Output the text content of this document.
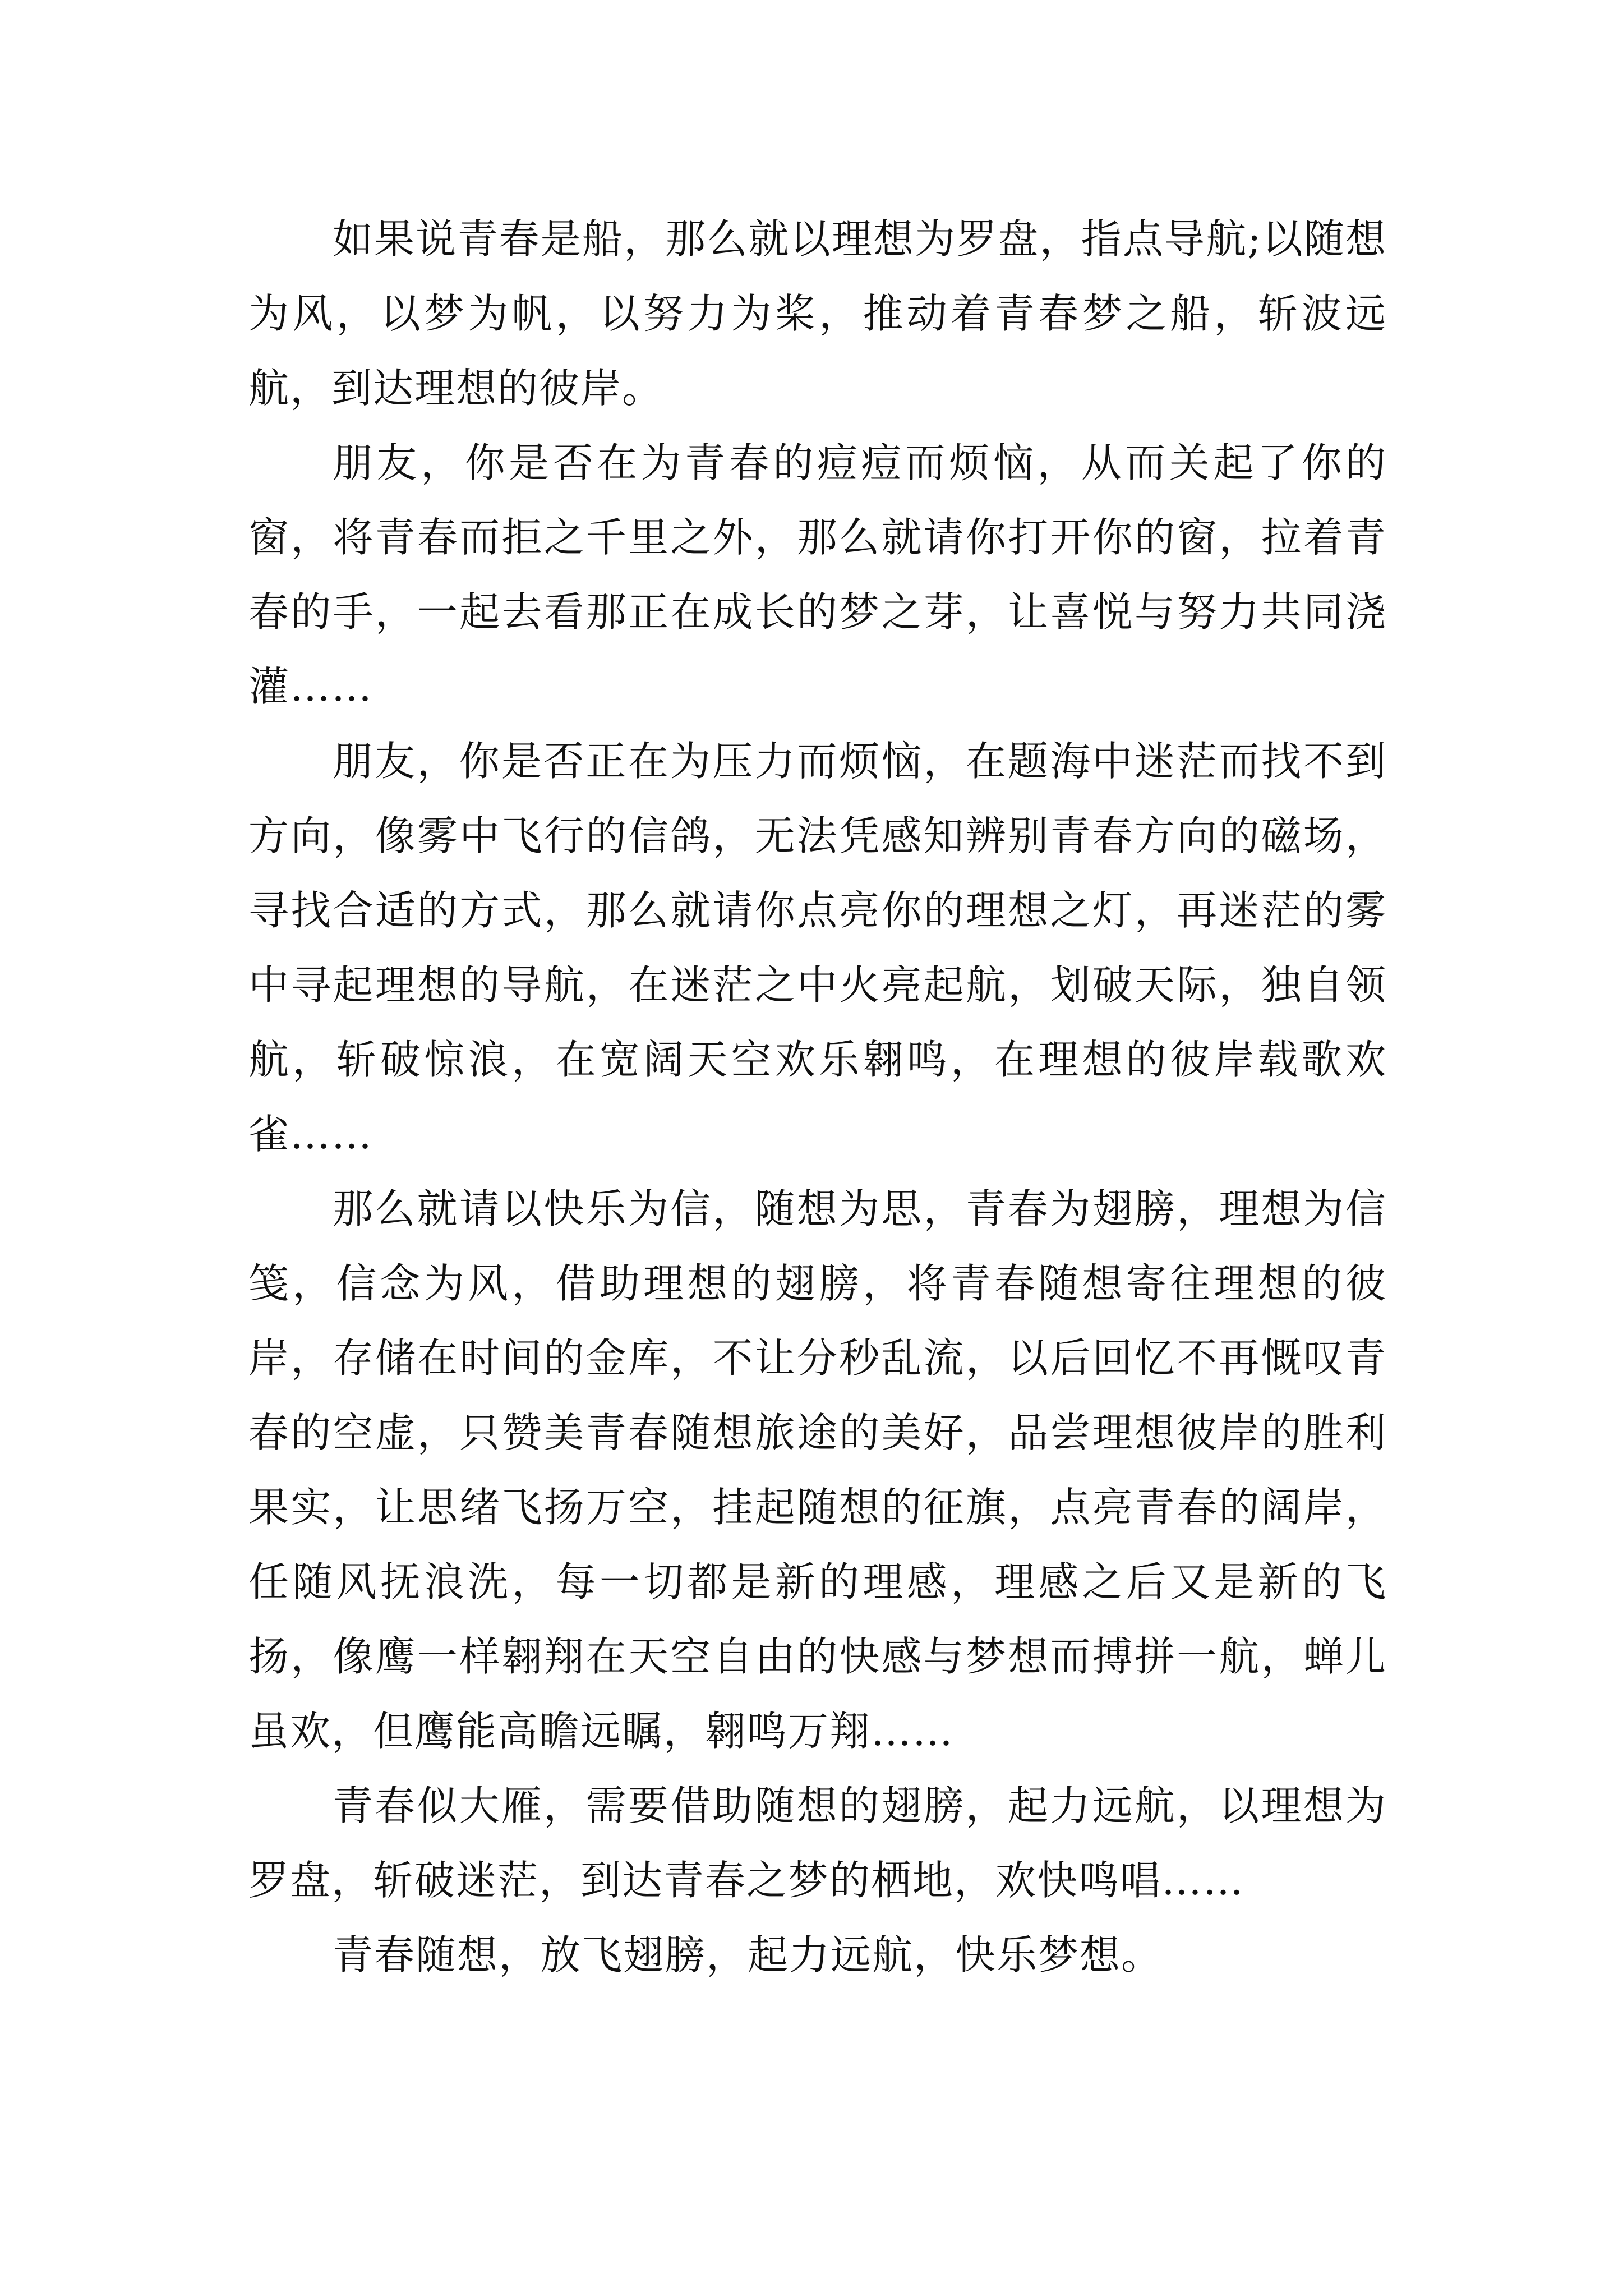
如果说青春是船，那么就以理想为罗盘，指点导航;以随想为风，以梦为帆，以努力为桨，推动着青春梦之船，斩波远航，到达理想的彼岸。

朋友，你是否在为青春的痘痘而烦恼，从而关起了你的窗，将青春而拒之千里之外，那么就请你打开你的窗，拉着青春的手，一起去看那正在成长的梦之芽，让喜悦与努力共同浇灌……

朋友，你是否正在为压力而烦恼，在题海中迷茫而找不到方向，像雾中飞行的信鸽，无法凭感知辨别青春方向的磁场，寻找合适的方式，那么就请你点亮你的理想之灯，再迷茫的雾中寻起理想的导航，在迷茫之中火亮起航，划破天际，独自领航，斩破惊浪，在宽阔天空欢乐翱鸣，在理想的彼岸载歌欢雀……

那么就请以快乐为信，随想为思，青春为翅膀，理想为信笺，信念为风，借助理想的翅膀，将青春随想寄往理想的彼岸，存储在时间的金库，不让分秒乱流，以后回忆不再慨叹青春的空虚，只赞美青春随想旅途的美好，品尝理想彼岸的胜利果实，让思绪飞扬万空，挂起随想的征旗，点亮青春的阔岸，任随风抚浪洗，每一切都是新的理感，理感之后又是新的飞扬，像鹰一样翱翔在天空自由的快感与梦想而搏拼一航，蝉儿虽欢，但鹰能高瞻远瞩，翱鸣万翔……

青春似大雁，需要借助随想的翅膀，起力远航，以理想为罗盘，斩破迷茫，到达青春之梦的栖地，欢快鸣唱……

青春随想，放飞翅膀，起力远航，快乐梦想。
